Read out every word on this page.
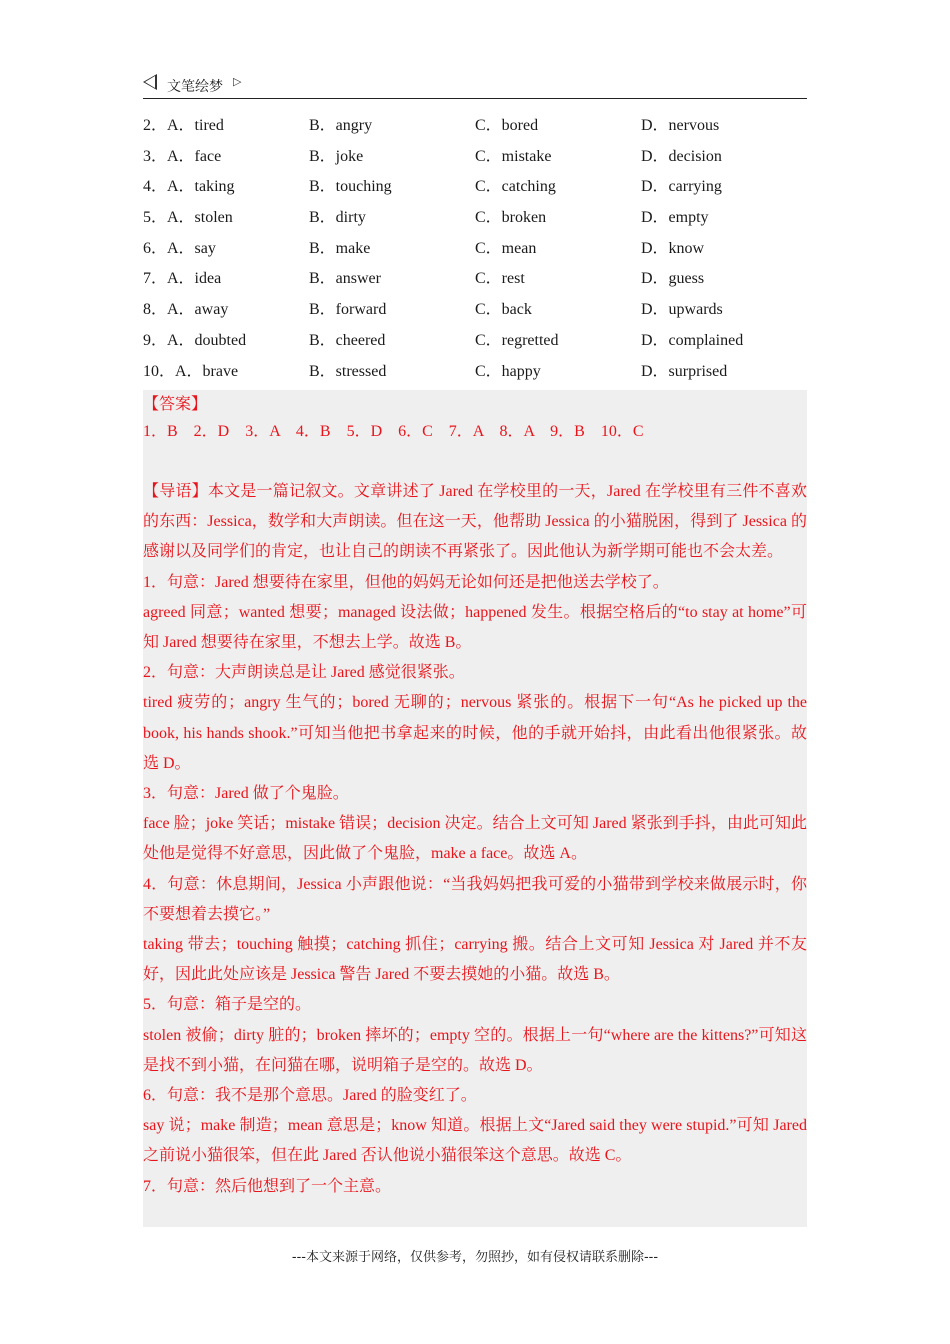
文笔绘梦 ▷
2．A．tired	B．angry	C．bored	D．nervous
3．A．face	B．joke	C．mistake	D．decision
4．A．taking	B．touching	C．catching	D．carrying
5．A．stolen	B．dirty	C．broken	D．empty
6．A．say	B．make	C．mean	D．know
7．A．idea	B．answer	C．rest	D．guess
8．A．away	B．forward	C．back	D．upwards
9．A．doubted	B．cheered	C．regretted	D．complained
10．A．brave	B．stressed	C．happy	D．surprised
【答案】
1．B    2．D    3．A    4．B    5．D    6．C    7．A    8．A    9．B    10．C

【导语】本文是一篇记叙文。文章讲述了 Jared 在学校里的一天，Jared 在学校里有三件不喜欢的东西：Jessica，数学和大声朗读。但在这一天，他帮助 Jessica 的小猫脱困，得到了 Jessica 的感谢以及同学们的肯定，也让自己的朗读不再紧张了。因此他认为新学期可能也不会太差。

1．句意：Jared 想要待在家里，但他的妈妈无论如何还是把他送去学校了。

agreed 同意；wanted 想要；managed 设法做；happened 发生。根据空格后的“to stay at home”可知 Jared 想要待在家里，不想去上学。故选 B。

2．句意：大声朗读总是让 Jared 感觉很紧张。

tired 疲劳的；angry 生气的；bored 无聊的；nervous 紧张的。根据下一句“As he picked up the book, his hands shook.”可知当他把书拿起来的时候，他的手就开始抖，由此看出他很紧张。故选 D。

3．句意：Jared 做了个鬼脸。

face 脸；joke 笑话；mistake 错误；decision 决定。结合上文可知 Jared 紧张到手抖，由此可知此处他是觉得不好意思，因此做了个鬼脸，make a face。故选 A。

4．句意：休息期间，Jessica 小声跟他说：“当我妈妈把我可爱的小猫带到学校来做展示时，你不要想着去摸它。”

taking 带去；touching 触摸；catching 抓住；carrying 搬。结合上文可知 Jessica 对 Jared 并不友好，因此此处应该是 Jessica 警告 Jared 不要去摸她的小猫。故选 B。

5．句意：箱子是空的。

stolen 被偷；dirty 脏的；broken 摔坏的；empty 空的。根据上一句“where are the kittens?”可知这是找不到小猫，在问猫在哪，说明箱子是空的。故选 D。

6．句意：我不是那个意思。Jared 的脸变红了。

say 说；make 制造；mean 意思是；know 知道。根据上文“Jared said they were stupid.”可知 Jared 之前说小猫很笨，但在此 Jared 否认他说小猫很笨这个意思。故选 C。

7．句意：然后他想到了一个主意。

---本文来源于网络，仅供参考，勿照抄，如有侵权请联系删除---
